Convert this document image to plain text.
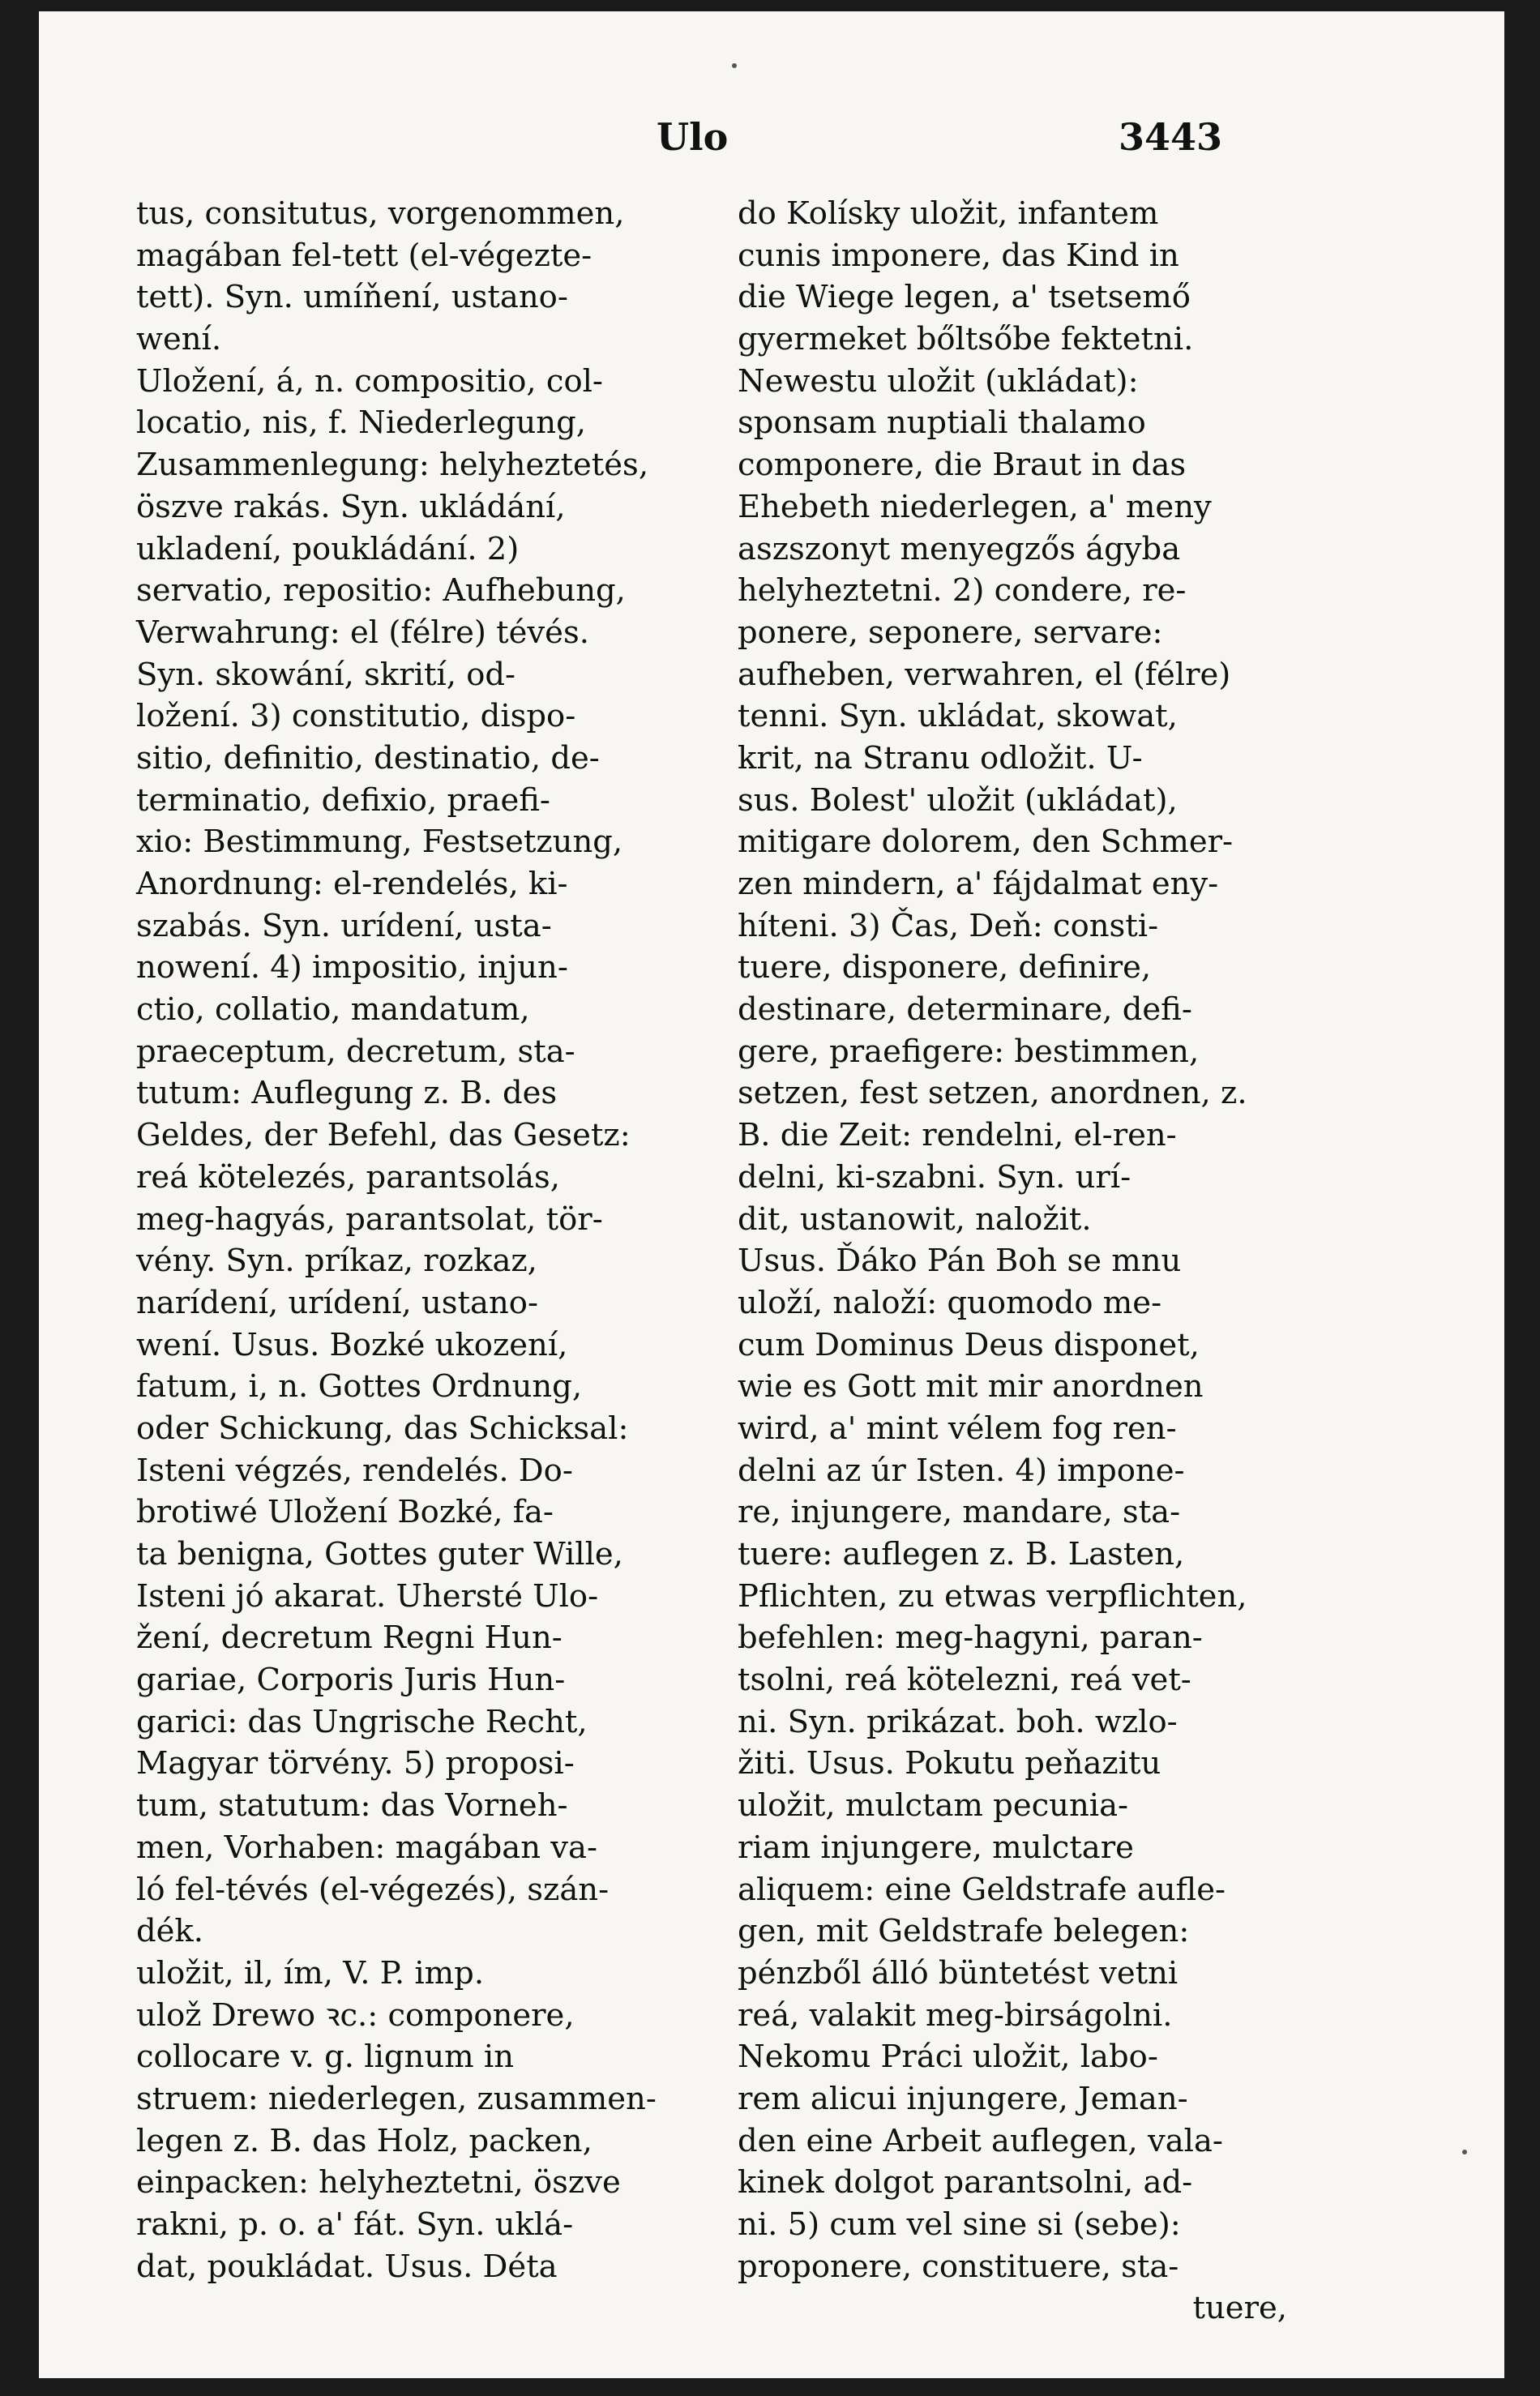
Ulo	3443
tus, consitutus, vorgenommen,
magában fel-tett (el-végezte-
tett). Syn. umíňení, ustano-
wení.
Uložení, á, n. compositio, col-
locatio, nis, f. Niederlegung,
Zusammenlegung: helyheztetés,
öszve rakás. Syn. ukládání,
ukladení, poukládání. 2)
servatio, repositio: Aufhebung,
Verwahrung: el (félre) tévés.
Syn. skowání, skrití, od-
ložení. 3) constitutio, dispo-
sitio, definitio, destinatio, de-
terminatio, defixio, praefi-
xio: Bestimmung, Festsetzung,
Anordnung: el-rendelés, ki-
szabás. Syn. urídení, usta-
nowení. 4) impositio, injun-
ctio, collatio, mandatum,
praeceptum, decretum, sta-
tutum: Auflegung z. B. des
Geldes, der Befehl, das Gesetz:
reá kötelezés, parantsolás,
meg-hagyás, parantsolat, tör-
vény. Syn. príkaz, rozkaz,
narídení, urídení, ustano-
wení. Usus. Bozké ukození,
fatum, i, n. Gottes Ordnung,
oder Schickung, das Schicksal:
Isteni végzés, rendelés. Do-
brotiwé Uložení Bozké, fa-
ta benigna, Gottes guter Wille,
Isteni jó akarat. Uhersté Ulo-
žení, decretum Regni Hun-
gariae, Corporis Juris Hun-
garici: das Ungrische Recht,
Magyar törvény. 5) proposi-
tum, statutum: das Vorneh-
men, Vorhaben: magában va-
ló fel-tévés (el-végezés), szán-
dék.
uložit, il, ím, V. P. imp.
ulož Drewo ꝛc.: componere,
collocare v. g. lignum in
struem: niederlegen, zusammen-
legen z. B. das Holz, packen,
einpacken: helyheztetni, öszve
rakni, p. o. a' fát. Syn. uklá-
dat, poukládat. Usus. Déta
do Kolísky uložit, infantem
cunis imponere, das Kind in
die Wiege legen, a' tsetsemő
gyermeket bőltsőbe fektetni.
Newestu uložit (ukládat):
sponsam nuptiali thalamo
componere, die Braut in das
Ehebeth niederlegen, a' meny
aszszonyt menyegzős ágyba
helyheztetni. 2) condere, re-
ponere, seponere, servare:
aufheben, verwahren, el (félre)
tenni. Syn. ukládat, skowat,
krit, na Stranu odložit. U-
sus. Bolest' uložit (ukládat),
mitigare dolorem, den Schmer-
zen mindern, a' fájdalmat eny-
híteni. 3) Čas, Deň: consti-
tuere, disponere, definire,
destinare, determinare, defi-
gere, praefigere: bestimmen,
setzen, fest setzen, anordnen, z.
B. die Zeit: rendelni, el-ren-
delni, ki-szabni. Syn. urí-
dit, ustanowit, naložit.
Usus. Ďáko Pán Boh se mnu
uloží, naloží: quomodo me-
cum Dominus Deus disponet,
wie es Gott mit mir anordnen
wird, a' mint vélem fog ren-
delni az úr Isten. 4) impone-
re, injungere, mandare, sta-
tuere: auflegen z. B. Lasten,
Pflichten, zu etwas verpflichten,
befehlen: meg-hagyni, paran-
tsolni, reá kötelezni, reá vet-
ni. Syn. prikázat. boh. wzlo-
žiti. Usus. Pokutu peňazitu
uložit, mulctam pecunia-
riam injungere, mulctare
aliquem: eine Geldstrafe aufle-
gen, mit Geldstrafe belegen:
pénzből álló büntetést vetni
reá, valakit meg-birságolni.
Nekomu Práci uložit, labo-
rem alicui injungere, Jeman-
den eine Arbeit auflegen, vala-
kinek dolgot parantsolni, ad-
ni. 5) cum vel sine si (sebe):
proponere, constituere, sta-
tuere,
